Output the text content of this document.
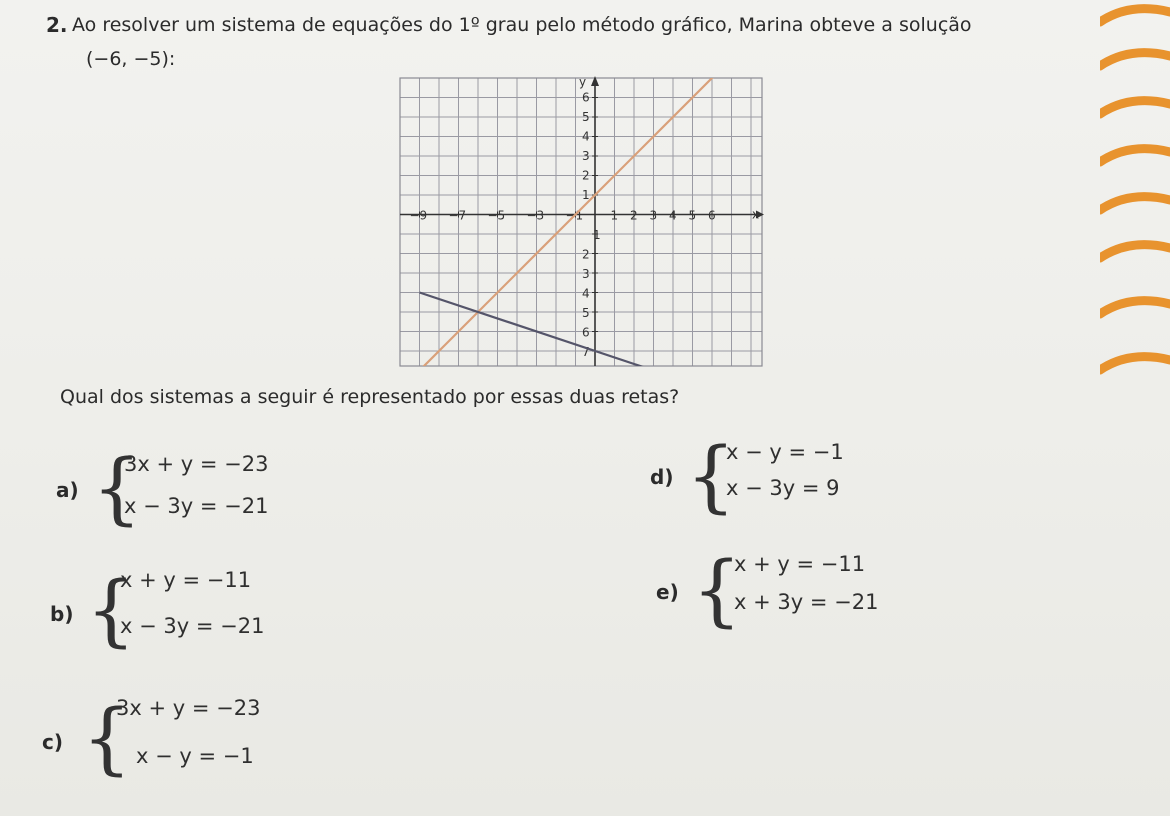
2. Ao resolver um sistema de equações do 1º grau pelo método gráfico, Marina obteve a solução
(−6, −5):
x
y
−9 −7 −5 −3 −1 1 2 3 4 5 6
6
5
4
3
2
1
1
2
3
4
5
6
7
Qual dos sistemas a seguir é representado por essas duas retas?
a) {
3x + y = −23
x − 3y = −21
b) {
x + y = −11
x − 3y = −21
c) {
3x + y = −23
x − y = −1
d) {
x − y = −1
x − 3y = 9
e) {
x + y = −11
x + 3y = −21
